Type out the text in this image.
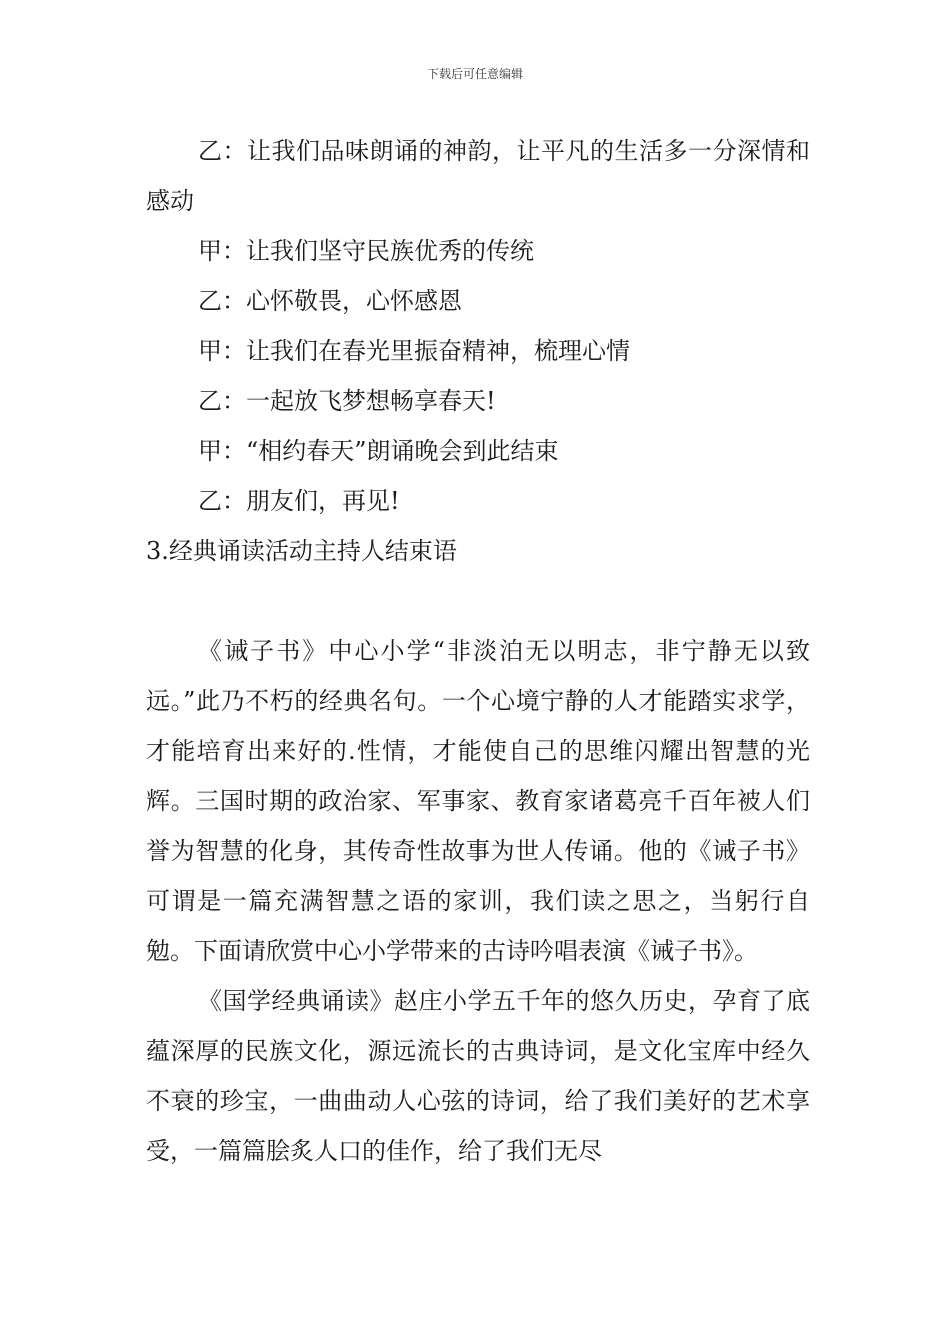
下载后可任意编辑

乙：让我们品味朗诵的神韵，让平凡的生活多一分深情和感动

甲：让我们坚守民族优秀的传统

乙：心怀敬畏，心怀感恩

甲：让我们在春光里振奋精神，梳理心情

乙：一起放飞梦想畅享春天!

甲：“相约春天”朗诵晚会到此结束

乙：朋友们，再见!

3.经典诵读活动主持人结束语

《诫子书》中心小学“非淡泊无以明志，非宁静无以致远。”此乃不朽的经典名句。一个心境宁静的人才能踏实求学，才能培育出来好的.性情，才能使自己的思维闪耀出智慧的光辉。三国时期的政治家、军事家、教育家诸葛亮千百年被人们誉为智慧的化身，其传奇性故事为世人传诵。他的《诫子书》可谓是一篇充满智慧之语的家训，我们读之思之，当躬行自勉。下面请欣赏中心小学带来的古诗吟唱表演《诫子书》。

《国学经典诵读》赵庄小学五千年的悠久历史，孕育了底蕴深厚的民族文化，源远流长的古典诗词，是文化宝库中经久不衰的珍宝，一曲曲动人心弦的诗词，给了我们美好的艺术享受，一篇篇脍炙人口的佳作，给了我们无尽
